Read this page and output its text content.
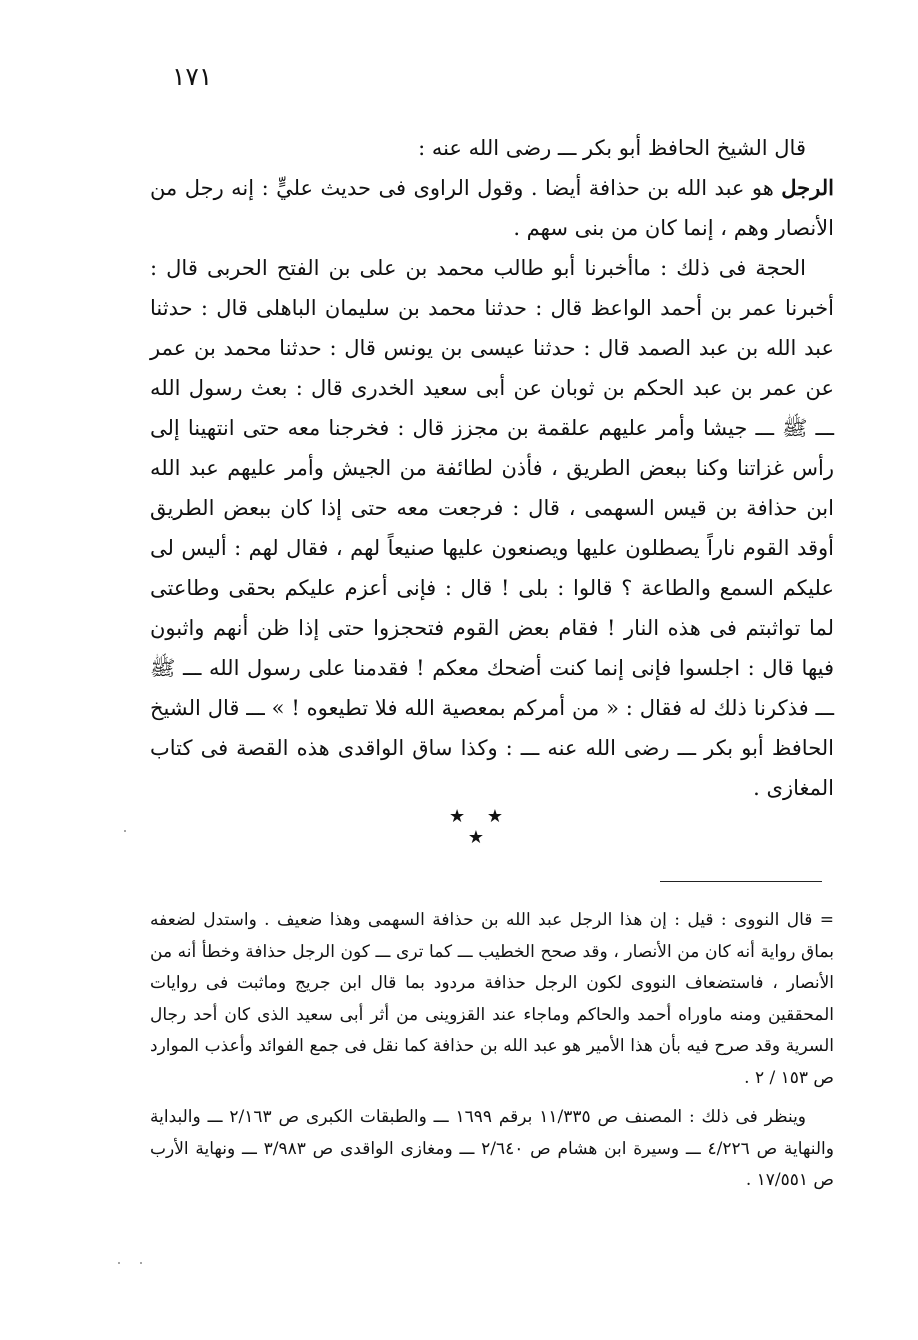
١٧١

قال الشيخ الحافظ أبو بكر ـــ رضى الله عنه :

الرجل هو عبد الله بن حذافة أيضا . وقول الراوى فى حديث عليٍّ : إنه رجل من الأنصار وهم ، إنما كان من بنى سهم .

الحجة فى ذلك : ماأخبرنا أبو طالب محمد بن على بن الفتح الحربى قال : أخبرنا عمر بن أحمد الواعظ قال : حدثنا محمد بن سليمان الباهلى قال : حدثنا عبد الله بن عبد الصمد قال : حدثنا عيسى بن يونس قال : حدثنا محمد بن عمر عن عمر بن عبد الحكم بن ثوبان عن أبى سعيد الخدرى قال : بعث رسول الله ـــ ﷺ ـــ جيشا وأمر عليهم علقمة بن مجزز قال : فخرجنا معه حتى انتهينا إلى رأس غزاتنا وكنا ببعض الطريق ، فأذن لطائفة من الجيش وأمر عليهم عبد الله ابن حذافة بن قيس السهمى ، قال : فرجعت معه حتى إذا كان ببعض الطريق أوقد القوم ناراً يصطلون عليها ويصنعون عليها صنيعاً لهم ، فقال لهم : أليس لى عليكم السمع والطاعة ؟ قالوا : بلى ! قال : فإنى أعزم عليكم بحقى وطاعتى لما تواثبتم فى هذه النار ! فقام بعض القوم فتحجزوا حتى إذا ظن أنهم واثبون فيها قال : اجلسوا فإنى إنما كنت أضحك معكم ! فقدمنا على رسول الله ـــ ﷺ ـــ فذكرنا ذلك له فقال : « من أمركم بمعصية الله فلا تطيعوه ! » ـــ قال الشيخ الحافظ أبو بكر ـــ رضى الله عنه ـــ : وكذا ساق الواقدى هذه القصة فى كتاب المغازى .

★ ★ ★

= قال النووى : قيل : إن هذا الرجل عبد الله بن حذافة السهمى وهذا ضعيف . واستدل لضعفه بماق رواية أنه كان من الأنصار ، وقد صحح الخطيب ـــ كما ترى ـــ كون الرجل حذافة وخطأ أنه من الأنصار ، فاستضعاف النووى لكون الرجل حذافة مردود بما قال ابن جريج وماثبت فى روايات المحققين ومنه ماوراه أحمد والحاكم وماجاء عند القزوينى من أثر أبى سعيد الذى كان أحد رجال السرية وقد صرح فيه بأن هذا الأمير هو عبد الله بن حذافة كما نقل فى جمع الفوائد وأعذب الموارد ص ١٥٣ / ٢ .

وينظر فى ذلك : المصنف ص ١١/٣٣٥ برقم ١٦٩٩ ـــ والطبقات الكبرى ص ٢/١٦٣ ـــ والبداية والنهاية ص ٤/٢٢٦ ـــ وسيرة ابن هشام ص ٢/٦٤٠ ـــ ومغازى الواقدى ص ٣/٩٨٣ ـــ ونهاية الأرب ص ١٧/٥٥١ .
